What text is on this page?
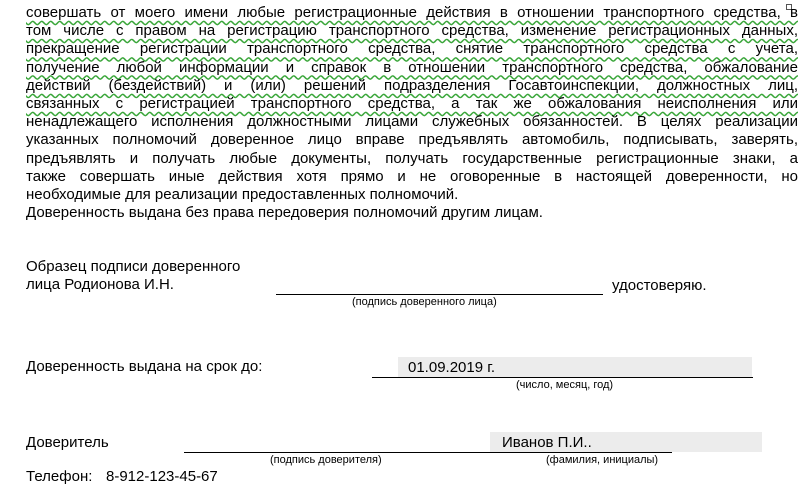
совершать от моего имени любые регистрационные действия в отношении транспортного средства, в
том числе с правом на регистрацию транспортного средства, изменение регистрационных данных,
прекращение регистрации транспортного средства, снятие транспортного средства с учета,
получение любой информации и справок в отношении транспортного средства, обжалование
действий (бездействий) и (или) решений подразделения Госавтоинспекции, должностных лиц,
связанных с регистрацией транспортного средства, а так же обжалования неисполнения или
ненадлежащего исполнения должностными лицами служебных обязанностей. В целях реализации
указанных полномочий доверенное лицо вправе предъявлять автомобиль, подписывать, заверять,
предъявлять и получать любые документы, получать государственные регистрационные знаки, а
также совершать иные действия хотя прямо и не оговоренные в настоящей доверенности, но
необходимые для реализации предоставленных полномочий.
Доверенность выдана без права передоверия полномочий другим лицам.
Образец подписи доверенного
лица Родионова И.Н.	удостоверяю.
(подпись доверенного лица)
Доверенность выдана на срок до:	01.09.2019 г.
(число, месяц, год)
Доверитель	Иванов П.И..
(подпись доверителя)	(фамилия, инициалы)
Телефон: 8-912-123-45-67
